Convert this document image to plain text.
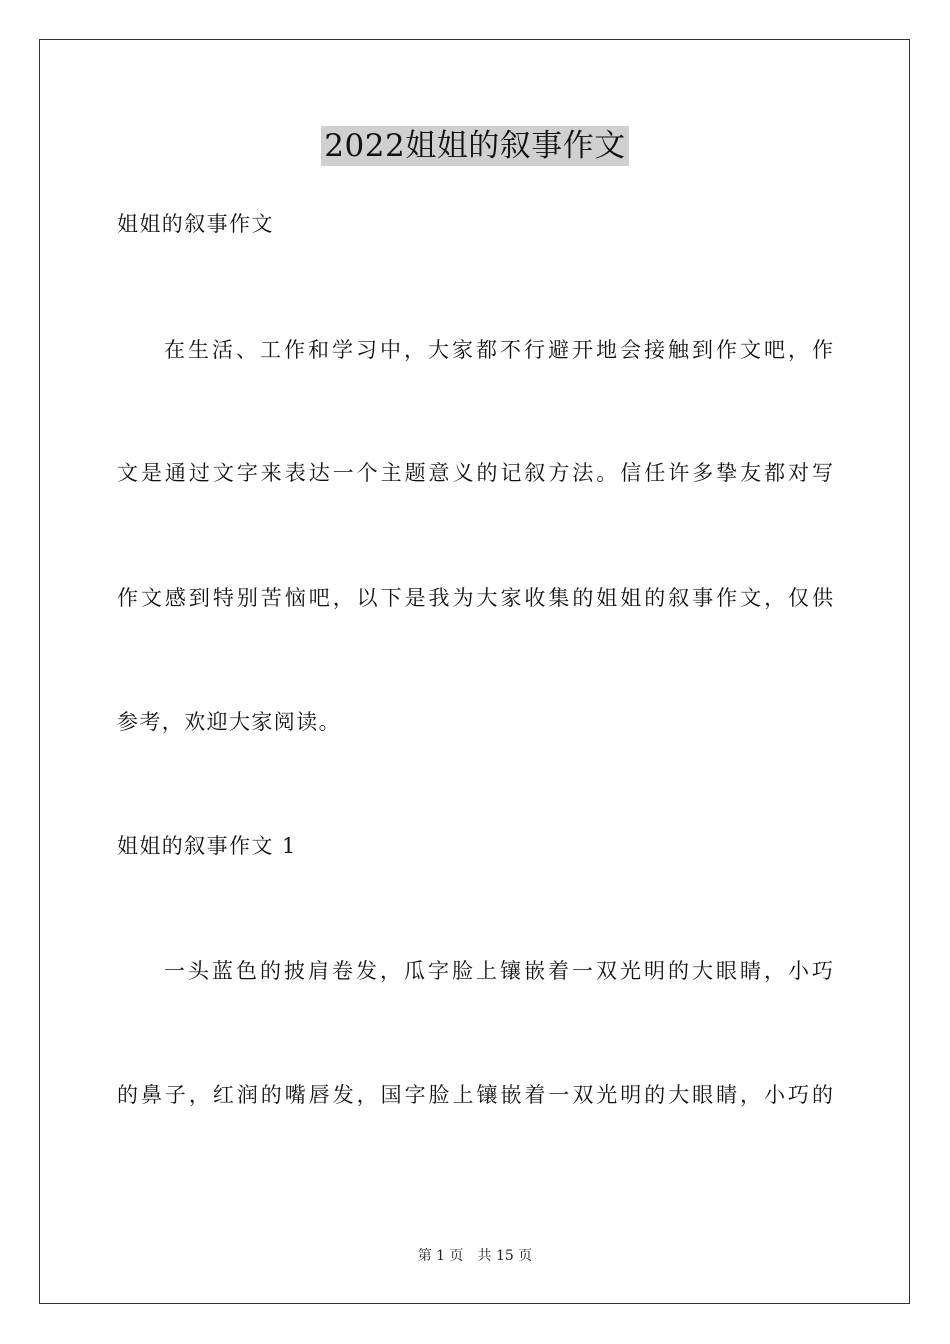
2022姐姐的叙事作文
姐姐的叙事作文
在生活、工作和学习中，大家都不行避开地会接触到作文吧，作
文是通过文字来表达一个主题意义的记叙方法。信任许多挚友都对写
作文感到特别苦恼吧，以下是我为大家收集的姐姐的叙事作文，仅供
参考，欢迎大家阅读。
姐姐的叙事作文 1
一头蓝色的披肩卷发，瓜字脸上镶嵌着一双光明的大眼睛，小巧
的鼻子，红润的嘴唇发，国字脸上镶嵌着一双光明的大眼睛，小巧的
第 1 页 共 15 页
